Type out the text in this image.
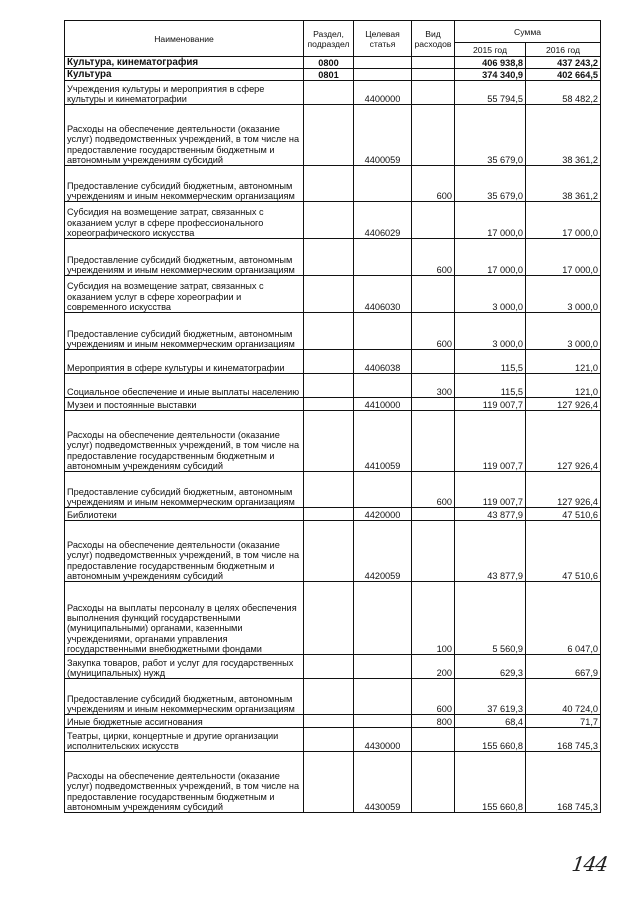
Наименование	Раздел, подраздел	Целевая статья	Вид расходов	Сумма	
				2015 год	2016 год
Культура, кинематография	0800			406 938,8	437 243,2
Культура	0801			374 340,9	402 664,5
Учреждения культуры и мероприятия в сфере культуры и кинематографии		4400000		55 794,5	58 482,2
Расходы на обеспечение деятельности (оказание услуг) подведомственных учреждений, в том числе на предоставление государственным бюджетным и автономным учреждениям субсидий		4400059		35 679,0	38 361,2
Предоставление субсидий бюджетным, автономным учреждениям и иным некоммерческим организациям			600	35 679,0	38 361,2
Субсидия на возмещение затрат, связанных с оказанием услуг в сфере профессионального хореографического искусства		4406029		17 000,0	17 000,0
Предоставление субсидий бюджетным, автономным учреждениям и иным некоммерческим организациям			600	17 000,0	17 000,0
Субсидия на возмещение затрат, связанных с оказанием услуг в сфере хореографии и современного искусства		4406030		3 000,0	3 000,0
Предоставление субсидий бюджетным, автономным учреждениям и иным некоммерческим организациям			600	3 000,0	3 000,0
Мероприятия в сфере культуры и кинематографии		4406038		115,5	121,0
Социальное обеспечение и иные выплаты населению			300	115,5	121,0
Музеи и постоянные выставки		4410000		119 007,7	127 926,4
Расходы на обеспечение деятельности (оказание услуг) подведомственных учреждений, в том числе на предоставление государственным бюджетным и автономным учреждениям субсидий		4410059		119 007,7	127 926,4
Предоставление субсидий бюджетным, автономным учреждениям и иным некоммерческим организациям			600	119 007,7	127 926,4
Библиотеки		4420000		43 877,9	47 510,6
Расходы на обеспечение деятельности (оказание услуг) подведомственных учреждений, в том числе на предоставление государственным бюджетным и автономным учреждениям субсидий		4420059		43 877,9	47 510,6
Расходы на выплаты персоналу в целях обеспечения выполнения функций государственными (муниципальными) органами, казенными учреждениями, органами управления государственными внебюджетными фондами			100	5 560,9	6 047,0
Закупка товаров, работ и услуг для государственных (муниципальных) нужд			200	629,3	667,9
Предоставление субсидий бюджетным, автономным учреждениям и иным некоммерческим организациям			600	37 619,3	40 724,0
Иные бюджетные ассигнования			800	68,4	71,7
Театры, цирки, концертные и другие организации исполнительских искусств		4430000		155 660,8	168 745,3
Расходы на обеспечение деятельности (оказание услуг) подведомственных учреждений, в том числе на предоставление государственным бюджетным и автономным учреждениям субсидий		4430059		155 660,8	168 745,3
144
